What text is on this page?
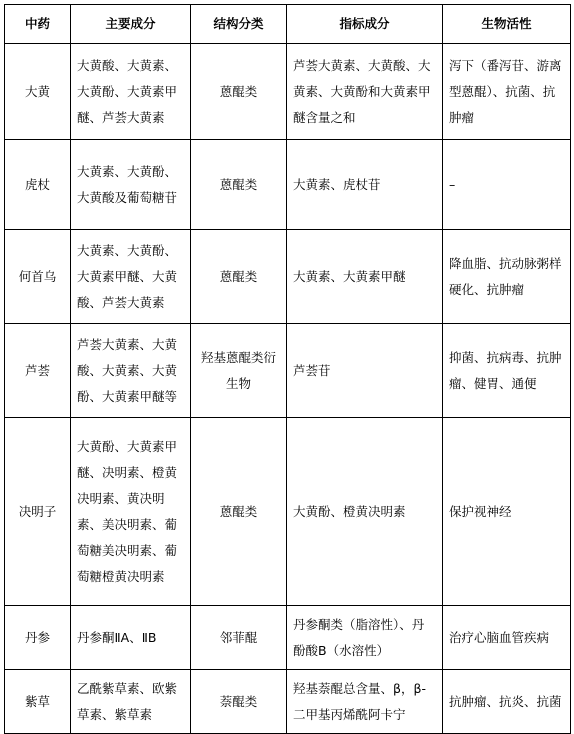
中药	主要成分	结构分类	指标成分	生物活性
大黄	大黄酸、大黄素、大黄酚、大黄素甲醚、芦荟大黄素	蒽醌类	芦荟大黄素、大黄酸、大黄素、大黄酚和大黄素甲醚含量之和	泻下（番泻苷、游离型蒽醌）、抗菌、抗肿瘤
虎杖	大黄素、大黄酚、大黄酸及葡萄糖苷	蒽醌类	大黄素、虎杖苷	–
何首乌	大黄素、大黄酚、大黄素甲醚、大黄酸、芦荟大黄素	蒽醌类	大黄素、大黄素甲醚	降血脂、抗动脉粥样硬化、抗肿瘤
芦荟	芦荟大黄素、大黄酸、大黄素、大黄酚、大黄素甲醚等	羟基蒽醌类衍生物	芦荟苷	抑菌、抗病毒、抗肿瘤、健胃、通便
决明子	大黄酚、大黄素甲醚、决明素、橙黄决明素、黄决明素、美决明素、葡萄糖美决明素、葡萄糖橙黄决明素	蒽醌类	大黄酚、橙黄决明素	保护视神经
丹参	丹参酮ⅡA、ⅡB	邻菲醌	丹参酮类（脂溶性）、丹酚酸B（水溶性）	治疗心脑血管疾病
紫草	乙酰紫草素、欧紫草素、紫草素	萘醌类	羟基萘醌总含量、β，β-二甲基丙烯酰阿卡宁	抗肿瘤、抗炎、抗菌
